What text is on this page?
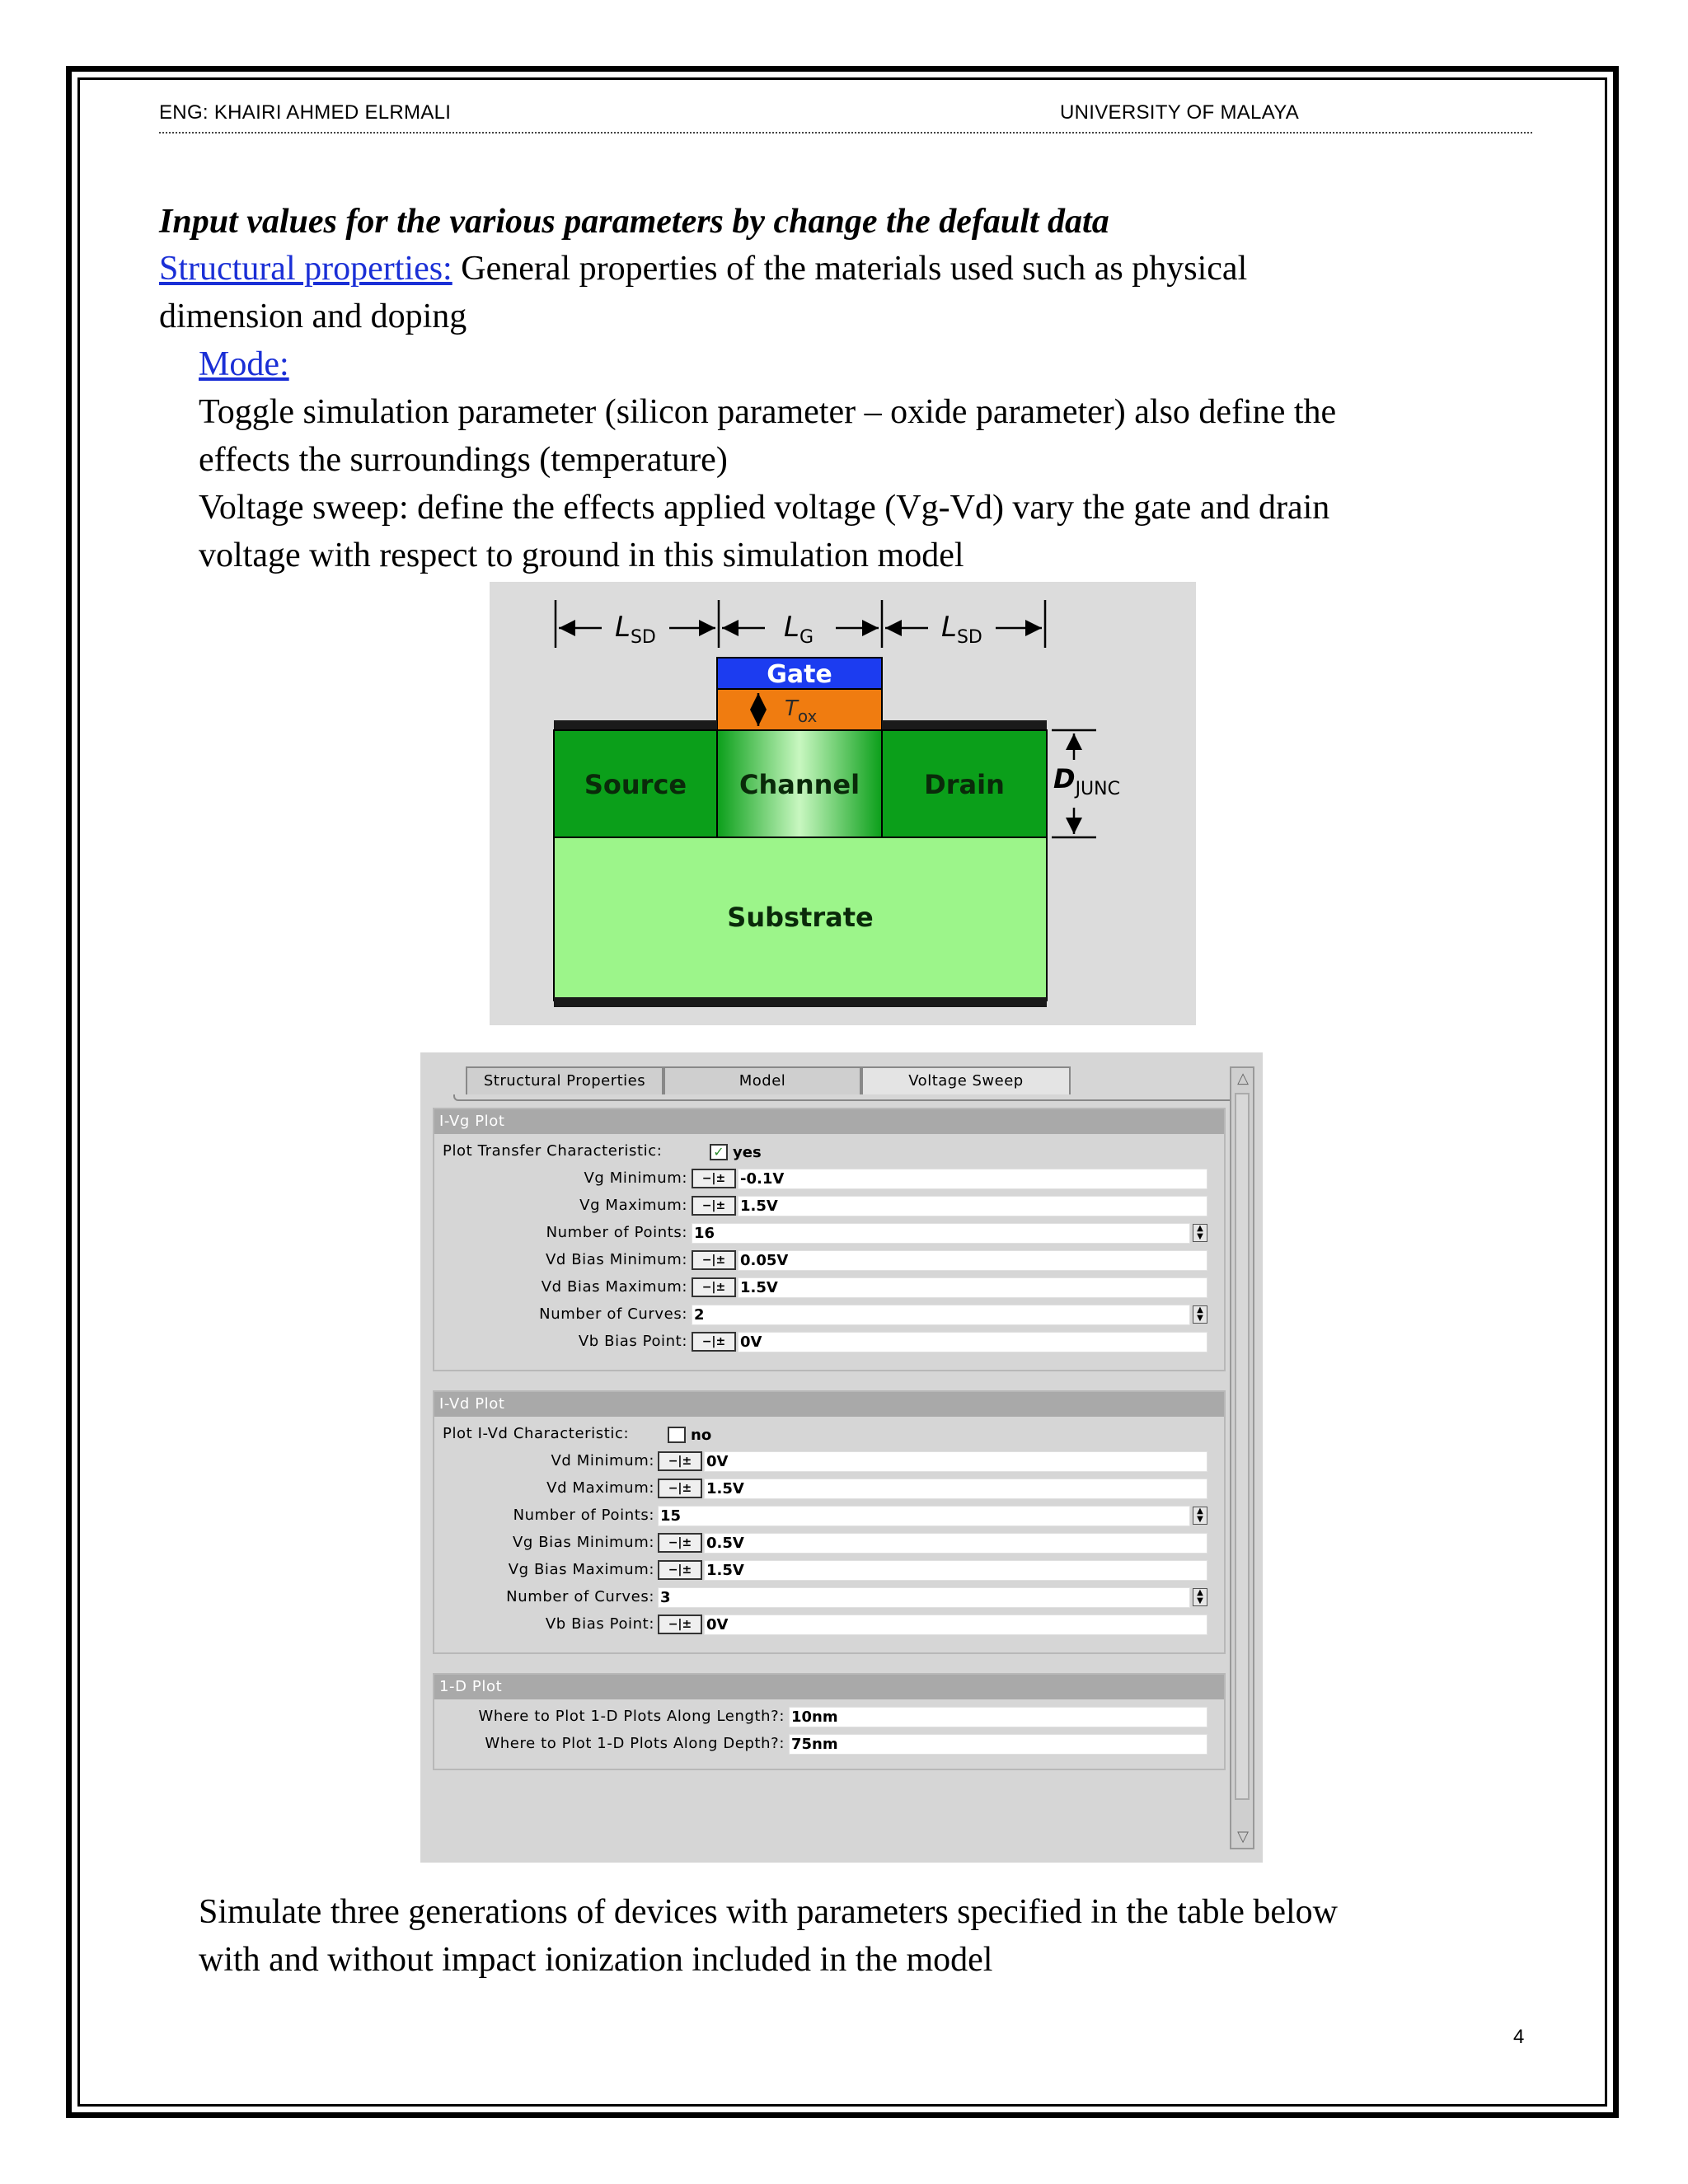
ENG: KHAIRI AHMED ELRMALI	UNIVERSITY OF MALAYA
Input values for the various parameters by change the default data
Structural properties: General properties of the materials used such as physical
dimension and doping
Mode:
Toggle simulation parameter (silicon parameter – oxide parameter) also define the
effects the surroundings (temperature)
Voltage sweep: define the effects applied voltage (Vg-Vd) vary the gate and drain
voltage with respect to ground in this simulation model
$L_{SD}$	$L_G$	$L_{SD}$
Gate
$T_{ox}$
Source Channel Drain $D_{JUNC}$
Substrate
Structural Properties	Model	Voltage Sweep	△
▽
I-Vg Plot
Plot Transfer Characteristic:	✓ yes
Vg Minimum:	−|± -0.1V
Vg Maximum:	−|± 1.5V
Number of Points: 16	▲
▼
Vd Bias Minimum:	−|± 0.05V
Vd Bias Maximum:	−|± 1.5V
Number of Curves: 2	▲
▼
Vb Bias Point:	−|± 0V
I-Vd Plot
Plot I-Vd Characteristic:	no
Vd Minimum:	−|± 0V
Vd Maximum:	−|± 1.5V
Number of Points: 15	▲
▼
Vg Bias Minimum:	−|± 0.5V
Vg Bias Maximum:	−|± 1.5V
Number of Curves: 3	▲
▼
Vb Bias Point:	−|± 0V
1-D Plot
Where to Plot 1-D Plots Along Length?: 10nm
Where to Plot 1-D Plots Along Depth?: 75nm
Simulate three generations of devices with parameters specified in the table below
with and without impact ionization included in the model
4
